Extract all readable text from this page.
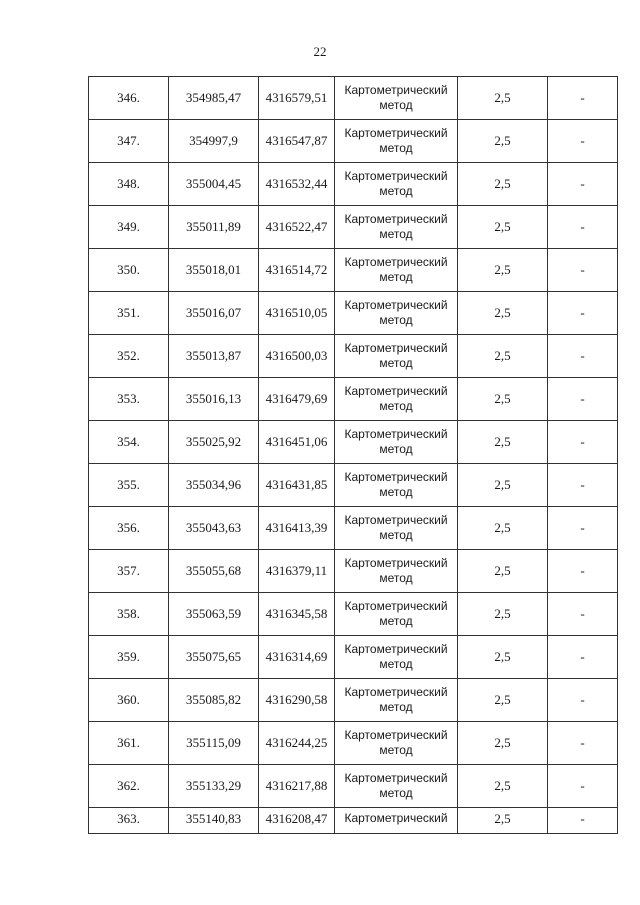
22
346.	354985,47	4316579,51	Картометрический
метод	2,5	-
347.	354997,9	4316547,87	Картометрический
метод	2,5	-
348.	355004,45	4316532,44	Картометрический
метод	2,5	-
349.	355011,89	4316522,47	Картометрический
метод	2,5	-
350.	355018,01	4316514,72	Картометрический
метод	2,5	-
351.	355016,07	4316510,05	Картометрический
метод	2,5	-
352.	355013,87	4316500,03	Картометрический
метод	2,5	-
353.	355016,13	4316479,69	Картометрический
метод	2,5	-
354.	355025,92	4316451,06	Картометрический
метод	2,5	-
355.	355034,96	4316431,85	Картометрический
метод	2,5	-
356.	355043,63	4316413,39	Картометрический
метод	2,5	-
357.	355055,68	4316379,11	Картометрический
метод	2,5	-
358.	355063,59	4316345,58	Картометрический
метод	2,5	-
359.	355075,65	4316314,69	Картометрический
метод	2,5	-
360.	355085,82	4316290,58	Картометрический
метод	2,5	-
361.	355115,09	4316244,25	Картометрический
метод	2,5	-
362.	355133,29	4316217,88	Картометрический
метод	2,5	-
363.	355140,83	4316208,47	Картометрический	2,5	-
